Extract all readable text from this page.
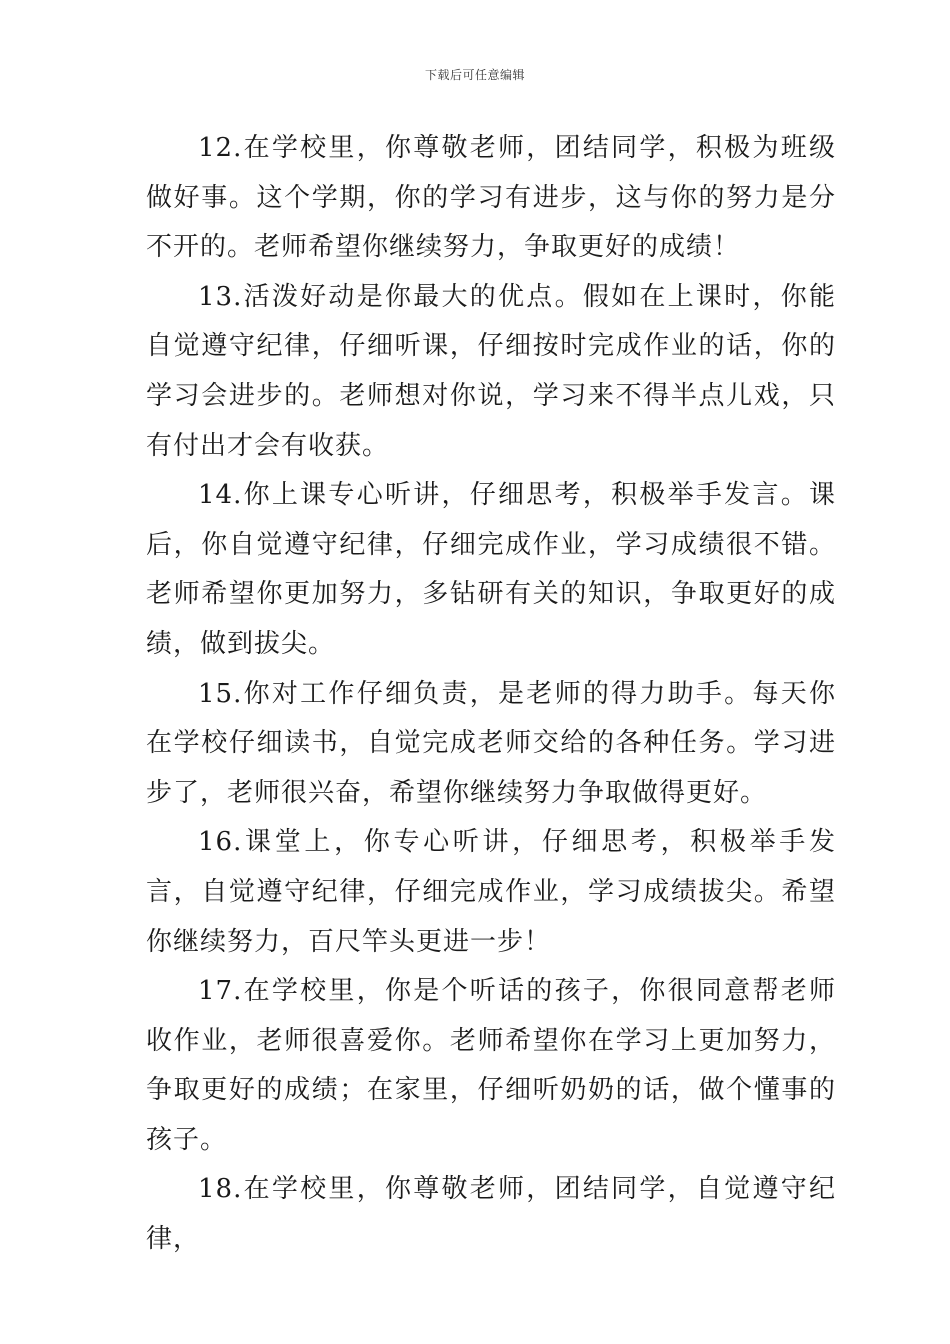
下载后可任意编辑

12.在学校里，你尊敬老师，团结同学，积极为班级做好事。这个学期，你的学习有进步，这与你的努力是分不开的。老师希望你继续努力，争取更好的成绩！

13.活泼好动是你最大的优点。假如在上课时，你能自觉遵守纪律，仔细听课，仔细按时完成作业的话，你的学习会进步的。老师想对你说，学习来不得半点儿戏，只有付出才会有收获。

14.你上课专心听讲，仔细思考，积极举手发言。课后，你自觉遵守纪律，仔细完成作业，学习成绩很不错。老师希望你更加努力，多钻研有关的知识，争取更好的成绩，做到拔尖。

15.你对工作仔细负责，是老师的得力助手。每天你在学校仔细读书，自觉完成老师交给的各种任务。学习进步了，老师很兴奋，希望你继续努力争取做得更好。

16.课堂上，你专心听讲，仔细思考，积极举手发言，自觉遵守纪律，仔细完成作业，学习成绩拔尖。希望你继续努力，百尺竿头更进一步！

17.在学校里，你是个听话的孩子，你很同意帮老师收作业，老师很喜爱你。老师希望你在学习上更加努力，争取更好的成绩；在家里，仔细听奶奶的话，做个懂事的孩子。

18.在学校里，你尊敬老师，团结同学，自觉遵守纪律，
